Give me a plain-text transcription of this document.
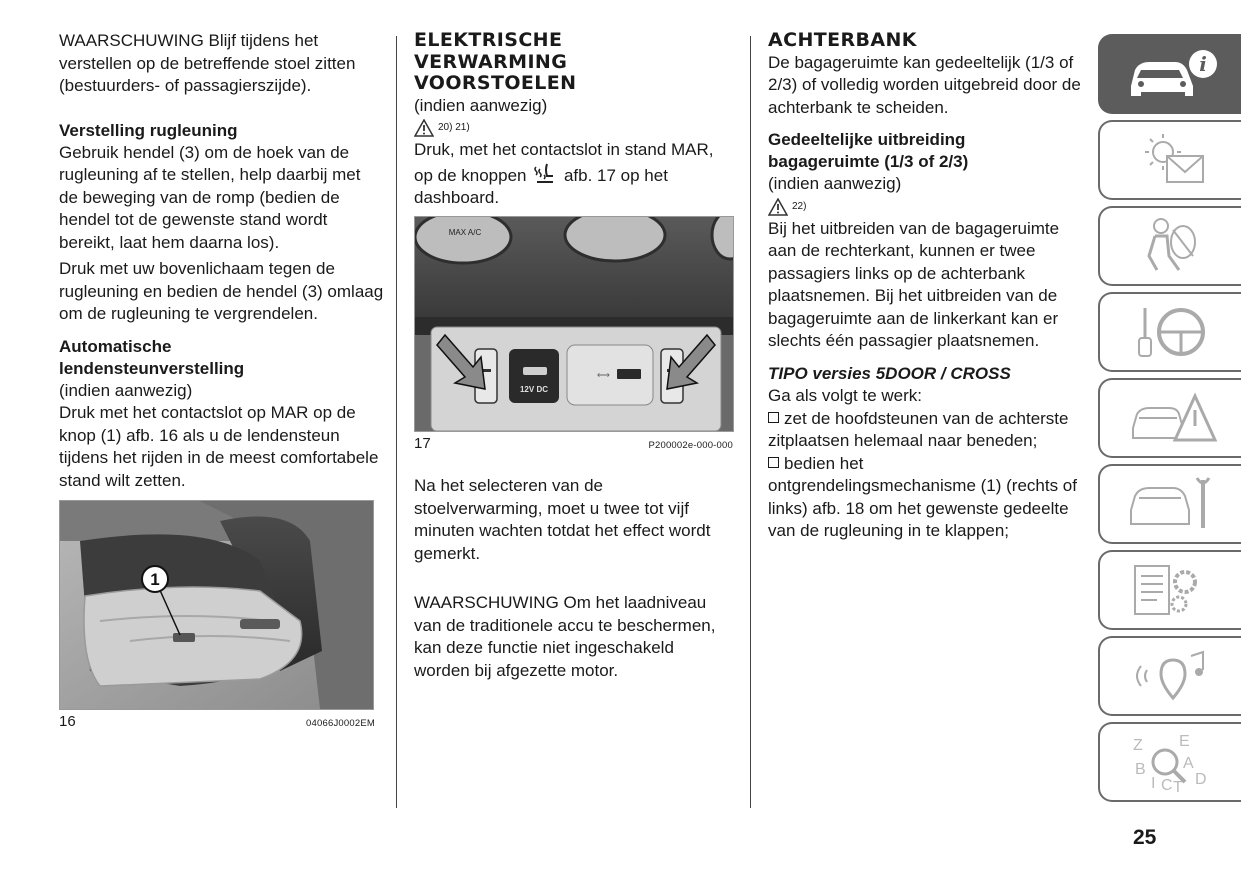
WAARSCHUWING Blijf tijdens het verstellen op de betreffende stoel zitten (bestuurders- of passagierszijde).

Verstelling rugleuning

Gebruik hendel (3) om de hoek van de rugleuning af te stellen, help daarbij met de beweging van de romp (bedien de hendel tot de gewenste stand wordt bereikt, laat hem daarna los).

Druk met uw bovenlichaam tegen de rugleuning en bedien de hendel (3) omlaag om de rugleuning te vergrendelen.

Automatische
lendensteunverstelling

(indien aanwezig)

Druk met het contactslot op MAR op de knop (1) afb. 16 als u de lendensteun tijdens het rijden in de meest comfortabele stand wilt zetten.

1
16	04066J0002EM
ELEKTRISCHE
VERWARMING
VOORSTOELEN

(indien aanwezig)

20) 21)

Druk, met het contactslot in stand MAR, op de knoppen afb. 17 op het dashboard.

MAX A/C
12V DC
⟷
17	P200002e-000-000

Na het selecteren van de stoelverwarming, moet u twee tot vijf minuten wachten totdat het effect wordt gemerkt.

WAARSCHUWING Om het laadniveau van de traditionele accu te beschermen, kan deze functie niet ingeschakeld worden bij afgezette motor.

ACHTERBANK

De bagageruimte kan gedeeltelijk (1/3 of 2/3) of volledig worden uitgebreid door de achterbank te scheiden.

Gedeeltelijke uitbreiding
bagageruimte (1/3 of 2/3)

(indien aanwezig)

22)

Bij het uitbreiden van de bagageruimte aan de rechterkant, kunnen er twee passagiers links op de achterbank plaatsnemen. Bij het uitbreiden van de bagageruimte aan de linkerkant kan er slechts één passagier plaatsnemen.

TIPO versies 5DOOR / CROSS

Ga als volgt te werk:

zet de hoofdsteunen van de achterste zitplaatsen helemaal naar beneden;

bedien het

ontgrendelingsmechanisme (1) (rechts of links) afb. 18 om het gewenste gedeelte van de rugleuning in te klappen;

i
Z E
B A
I C T D
25
